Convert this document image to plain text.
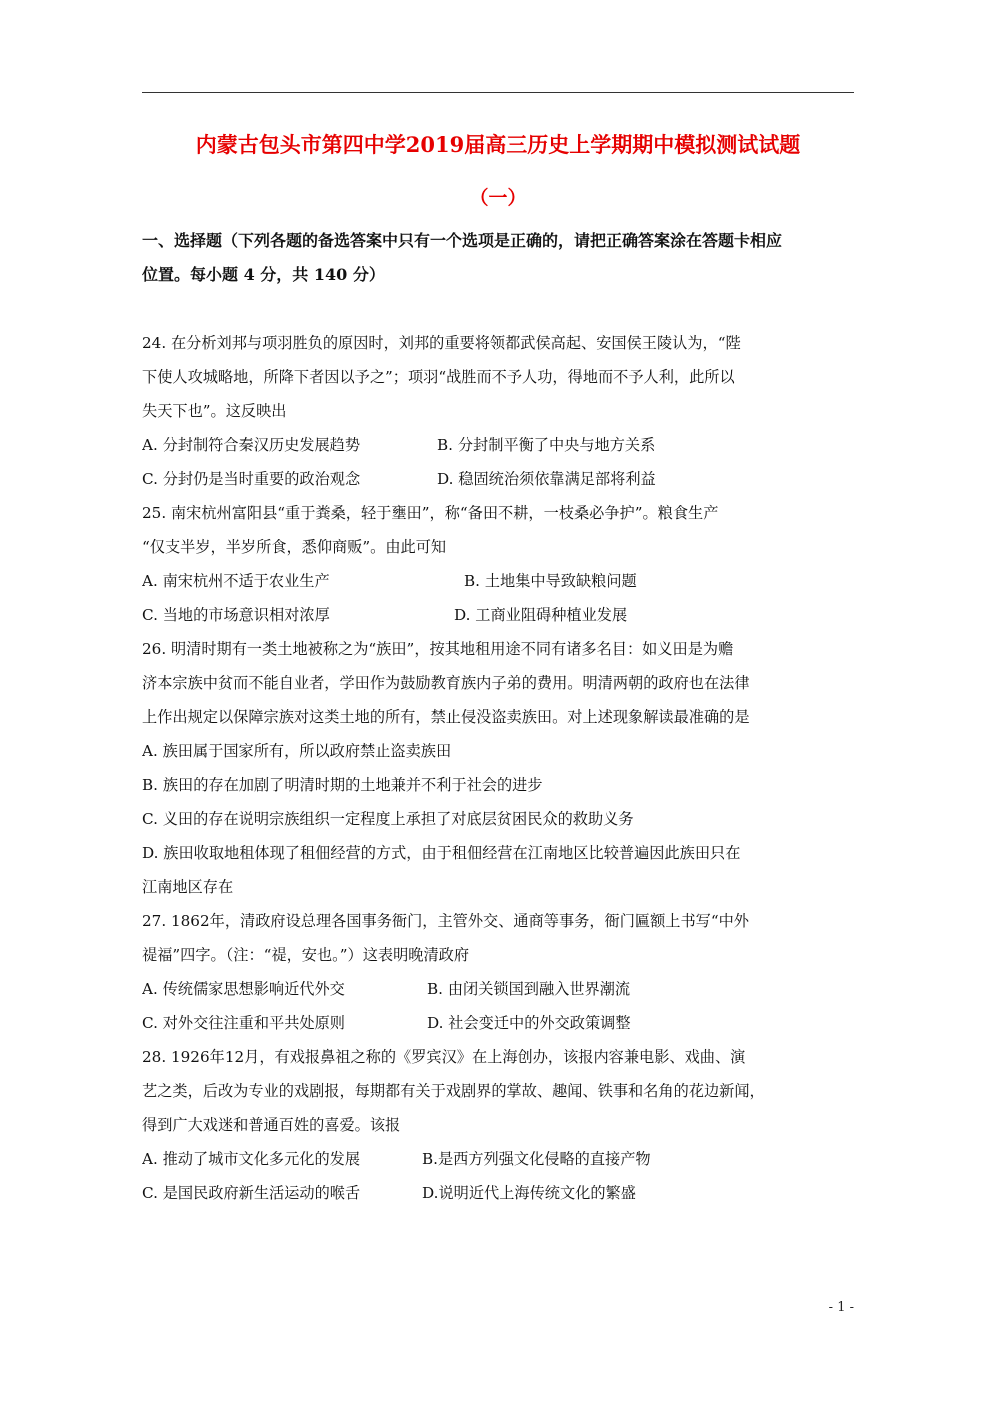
内蒙古包头市第四中学2019届高三历史上学期期中模拟测试试题
（一）
一、选择题（下列各题的备选答案中只有一个选项是正确的，请把正确答案涂在答题卡相应
位置。每小题 4 分，共 140 分）
24. 在分析刘邦与项羽胜负的原因时，刘邦的重要将领都武侯高起、安国侯王陵认为，“陛
下使人攻城略地，所降下者因以予之”；项羽“战胜而不予人功，得地而不予人利，此所以
失天下也”。这反映出
A. 分封制符合秦汉历史发展趋势	B. 分封制平衡了中央与地方关系
C. 分封仍是当时重要的政治观念	D. 稳固统治须依靠满足部将利益
25. 南宋杭州富阳县“重于粪桑，轻于壅田”，称“备田不耕，一枝桑必争护”。粮食生产
“仅支半岁，半岁所食，悉仰商贩”。由此可知
A. 南宋杭州不适于农业生产	B. 土地集中导致缺粮问题
C. 当地的市场意识相对浓厚	D. 工商业阻碍种植业发展
26. 明清时期有一类土地被称之为“族田”，按其地租用途不同有诸多名目：如义田是为赡
济本宗族中贫而不能自业者，学田作为鼓励教育族内子弟的费用。明清两朝的政府也在法律
上作出规定以保障宗族对这类土地的所有，禁止侵没盗卖族田。对上述现象解读最准确的是
A. 族田属于国家所有，所以政府禁止盗卖族田
B. 族田的存在加剧了明清时期的土地兼并不利于社会的进步
C. 义田的存在说明宗族组织一定程度上承担了对底层贫困民众的救助义务
D. 族田收取地租体现了租佃经营的方式，由于租佃经营在江南地区比较普遍因此族田只在
江南地区存在
27. 1862年，清政府设总理各国事务衙门，主管外交、通商等事务，衙门匾额上书写“中外
禔福”四字。（注：“禔，安也。”）这表明晚清政府
A. 传统儒家思想影响近代外交	B. 由闭关锁国到融入世界潮流
C. 对外交往注重和平共处原则	D. 社会变迁中的外交政策调整
28. 1926年12月，有戏报鼻祖之称的《罗宾汉》在上海创办，该报内容兼电影、戏曲、演
艺之类，后改为专业的戏剧报，每期都有关于戏剧界的掌故、趣闻、铁事和名角的花边新闻，
得到广大戏迷和普通百姓的喜爱。该报
A. 推动了城市文化多元化的发展	B.是西方列强文化侵略的直接产物
C. 是国民政府新生活运动的喉舌	D.说明近代上海传统文化的繁盛
- 1 -
